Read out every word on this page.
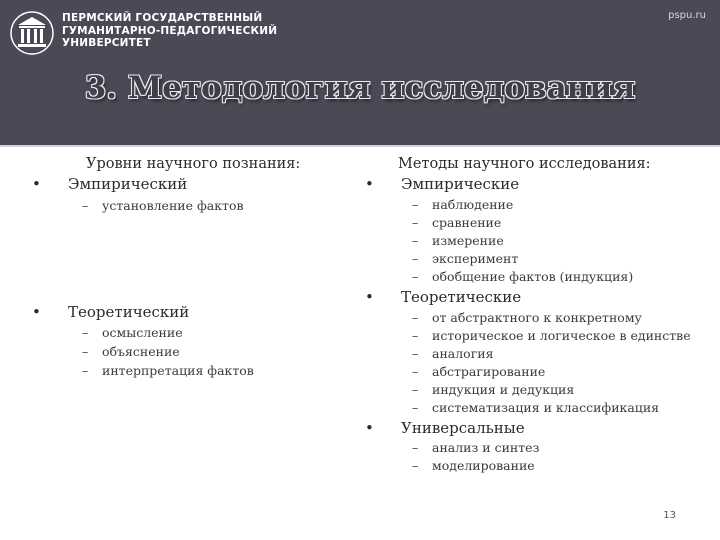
ПЕРМСКИЙ ГОСУДАРСТВЕННЫЙ
ГУМАНИТАРНО-ПЕДАГОГИЧЕСКИЙ
УНИВЕРСИТЕТ
pspu.ru
3. Методология исследования
Уровни научного познания:
• Эмпирический
– установление фактов
• Теоретический
– осмысление
– объяснение
– интерпретация фактов
Методы научного исследования:
• Эмпирические
– наблюдение
– сравнение
– измерение
– эксперимент
– обобщение фактов (индукция)
• Теоретические
– от абстрактного к конкретному
– историческое и логическое в единстве
– аналогия
– абстрагирование
– индукция и дедукция
– систематизация и классификация
• Универсальные
– анализ и синтез
– моделирование
13
